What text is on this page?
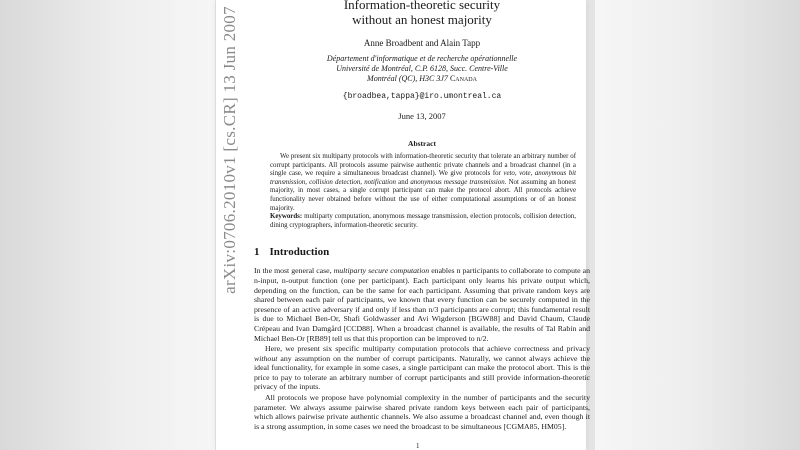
arXiv:0706.2010v1 [cs.CR] 13 Jun 2007
Information-theoretic security
without an honest majority
Anne Broadbent and Alain Tapp
Département d'informatique et de recherche opérationnelle
Université de Montréal, C.P. 6128, Succ. Centre-Ville
Montréal (QC), H3C 3J7 Canada
{broadbea,tappa}@iro.umontreal.ca
June 13, 2007
Abstract

We present six multiparty protocols with information-theoretic security that tolerate an arbitrary number of corrupt participants. All protocols assume pairwise authentic private channels and a broadcast channel (in a single case, we require a simultaneous broadcast channel). We give protocols for veto, vote, anonymous bit transmission, collision detection, notification and anonymous message transmission. Not assuming an honest majority, in most cases, a single corrupt participant can make the protocol abort. All protocols achieve functionality never obtained before without the use of either computational assumptions or of an honest majority.

Keywords: multiparty computation, anonymous message transmission, election protocols, collision detection, dining cryptographers, information-theoretic security.
1 Introduction

In the most general case, multiparty secure computation enables n participants to collaborate to compute an n-input, n-output function (one per participant). Each participant only learns his private output which, depending on the function, can be the same for each participant. Assuming that private random keys are shared between each pair of participants, we known that every function can be securely computed in the presence of an active adversary if and only if less than n/3 participants are corrupt; this fundamental result is due to Michael Ben-Or, Shafi Goldwasser and Avi Wigderson [BGW88] and David Chaum, Claude Crépeau and Ivan Damgård [CCD88]. When a broadcast channel is available, the results of Tal Rabin and Michael Ben-Or [RB89] tell us that this proportion can be improved to n/2.

Here, we present six specific multiparty computation protocols that achieve correctness and privacy without any assumption on the number of corrupt participants. Naturally, we cannot always achieve the ideal functionality, for example in some cases, a single participant can make the protocol abort. This is the price to pay to tolerate an arbitrary number of corrupt participants and still provide information-theoretic privacy of the inputs.

All protocols we propose have polynomial complexity in the number of participants and the security parameter. We always assume pairwise shared private random keys between each pair of participants, which allows pairwise private authentic channels. We also assume a broadcast channel and, even though it is a strong assumption, in some cases we need the broadcast to be simultaneous [CGMA85, HM05].

1
